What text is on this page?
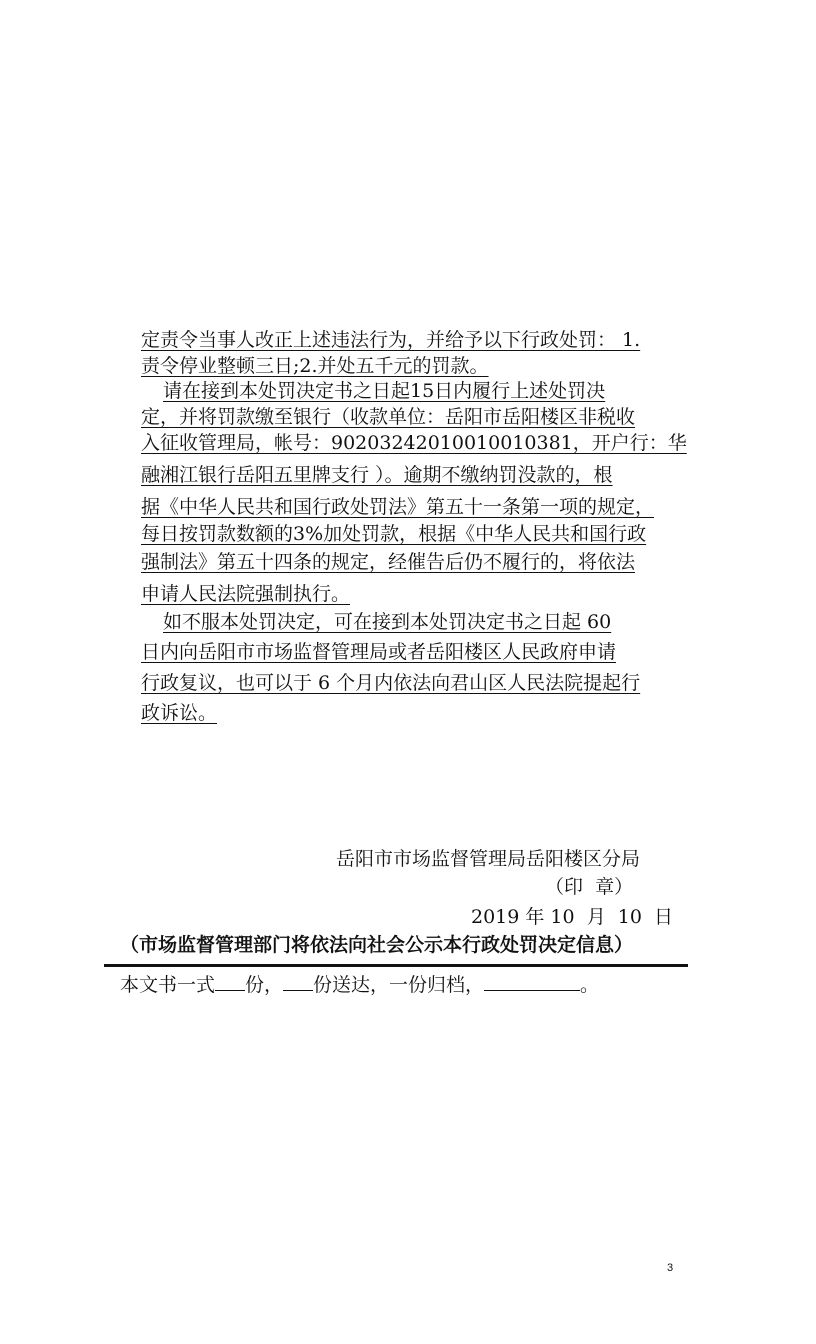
定责令当事人改正上述违法行为，并给予以下行政处罚： 1.
责令停业整顿三日;2.并处五千元的罚款。
请在接到本处罚决定书之日起15日内履行上述处罚决
定，并将罚款缴至银行（收款单位：岳阳市岳阳楼区非税收
入征收管理局，帐号：90203242010010010381，开户行：华
融湘江银行岳阳五里牌支行 ）。逾期不缴纳罚没款的，根
据《中华人民共和国行政处罚法》第五十一条第一项的规定，
每日按罚款数额的3%加处罚款，根据《中华人民共和国行政
强制法》第五十四条的规定，经催告后仍不履行的，将依法
申请人民法院强制执行。
如不服本处罚决定，可在接到本处罚决定书之日起 60
日内向岳阳市市场监督管理局或者岳阳楼区人民政府申请
行政复议，也可以于 6 个月内依法向君山区人民法院提起行
政诉讼。
岳阳市市场监督管理局岳阳楼区分局
（印  章）
2019 年 10  月  10  日
（市场监督管理部门将依法向社会公示本行政处罚决定信息）
本文书一式 份， 份送达，一份归档，	。
3
